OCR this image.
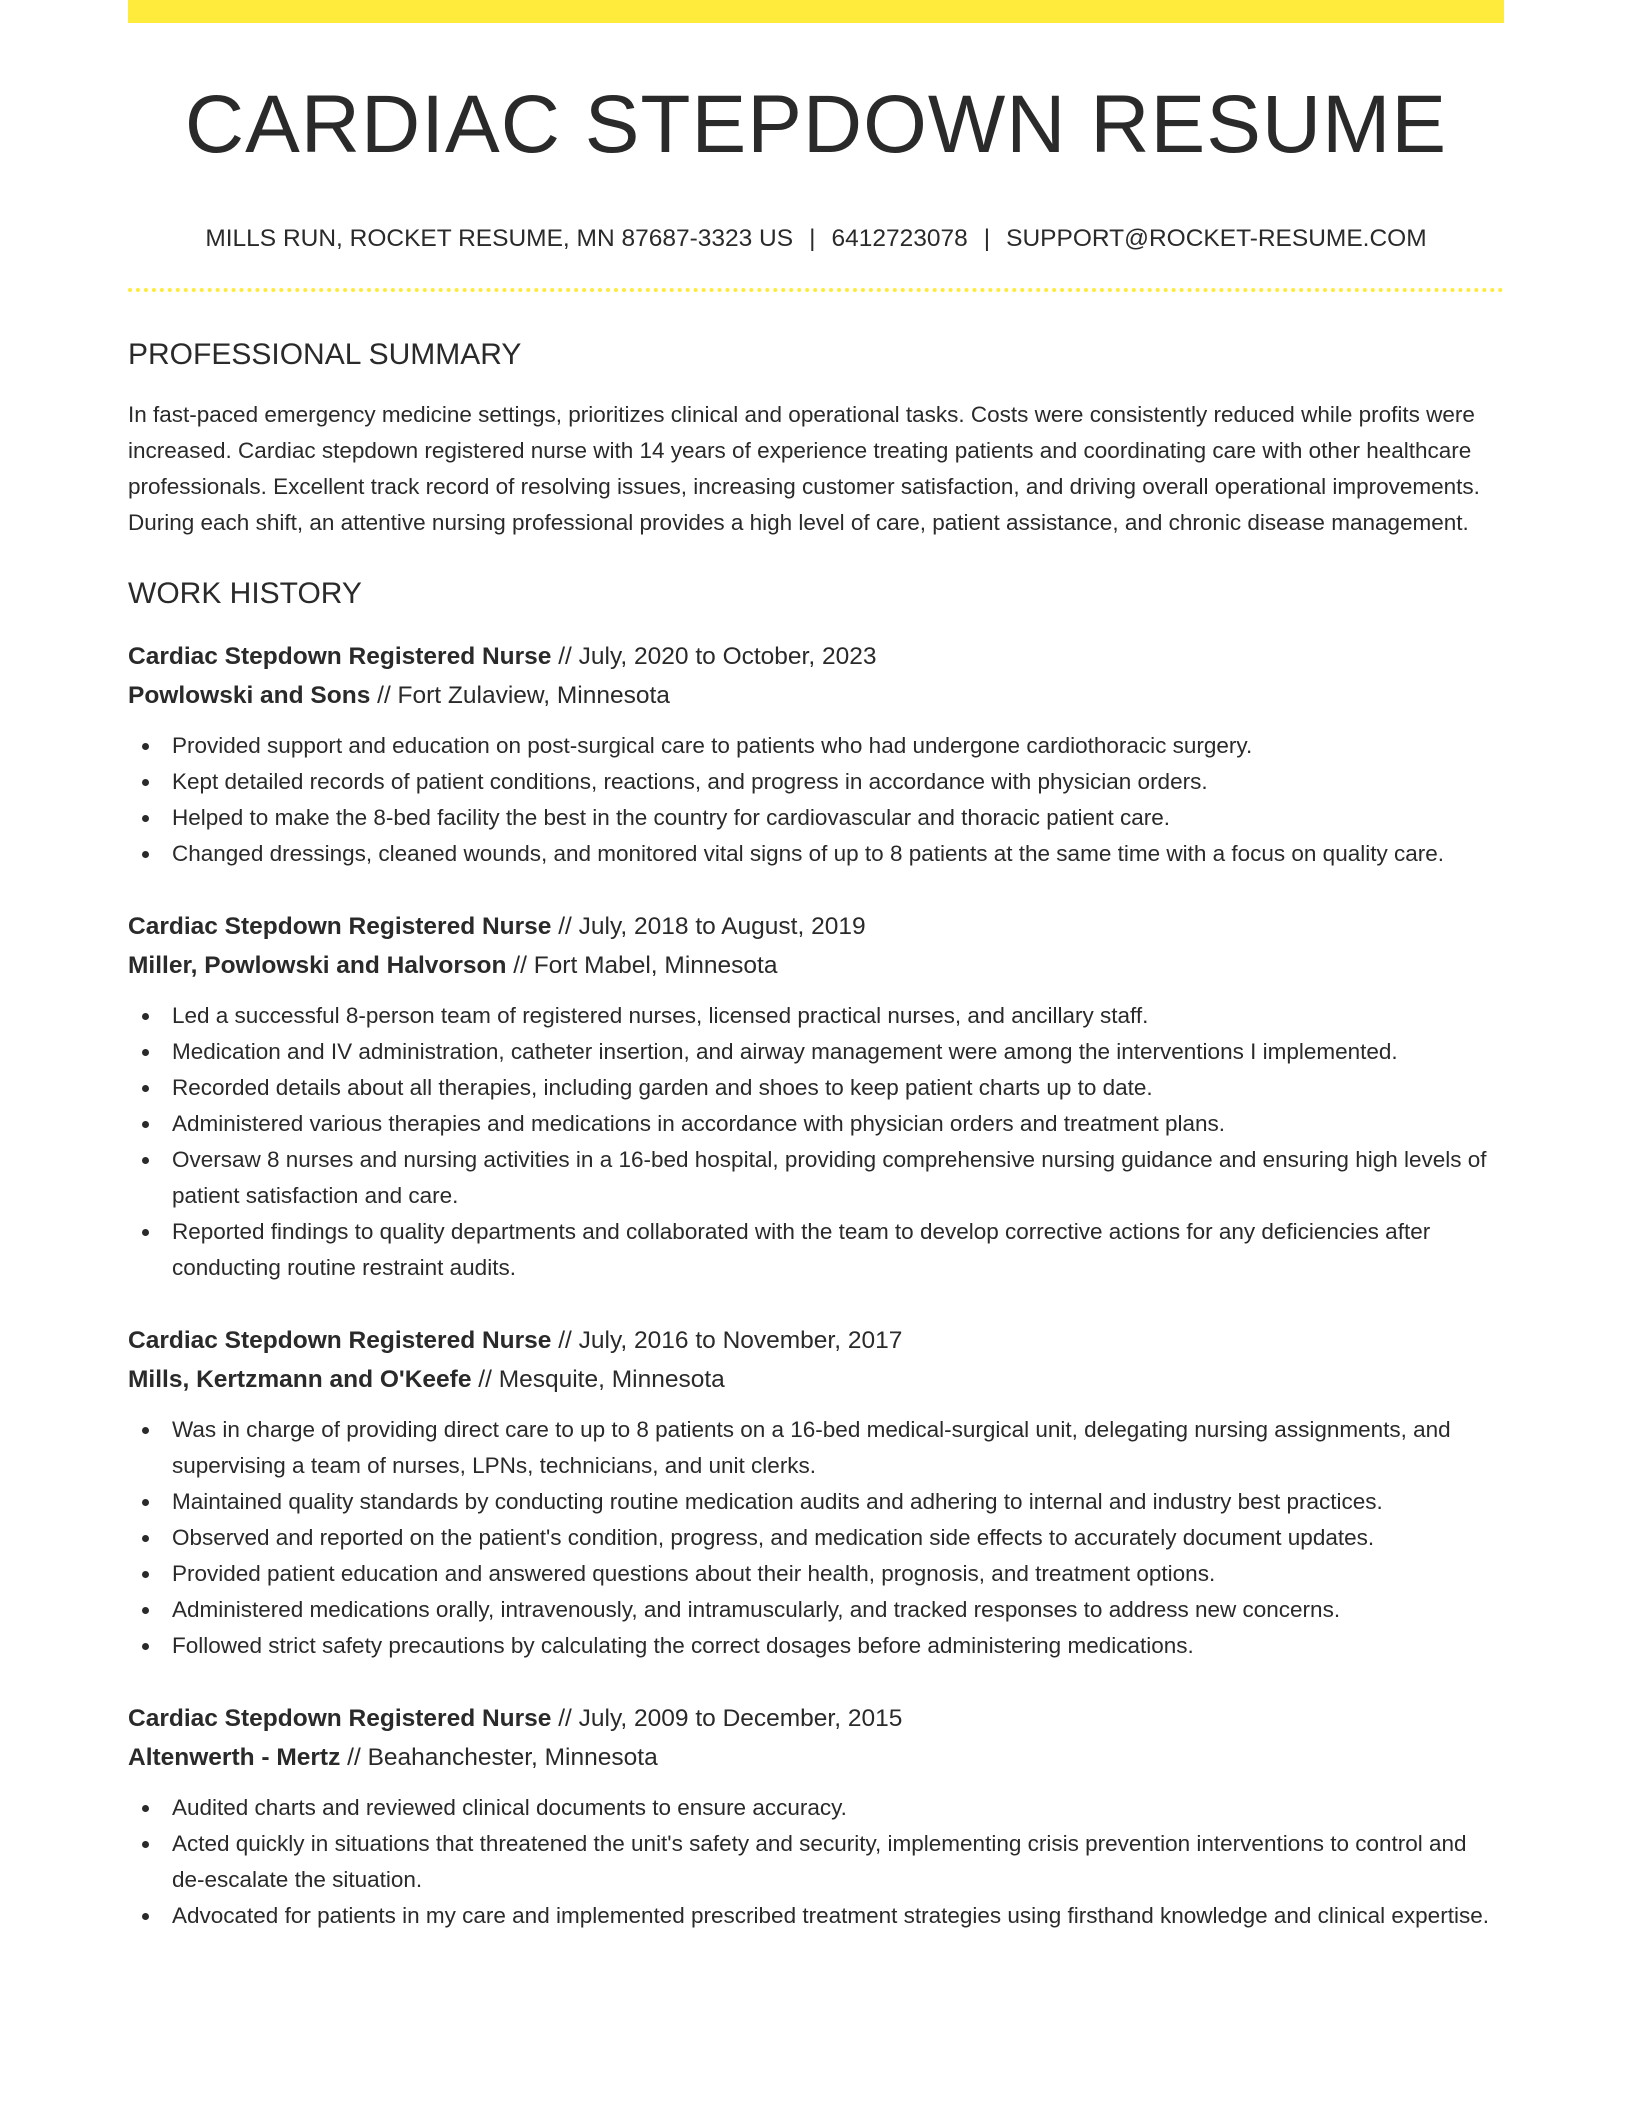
CARDIAC STEPDOWN RESUME
MILLS RUN, ROCKET RESUME, MN 87687-3323 US | 6412723078 | SUPPORT@ROCKET-RESUME.COM
PROFESSIONAL SUMMARY
In fast-paced emergency medicine settings, prioritizes clinical and operational tasks. Costs were consistently reduced while profits were increased. Cardiac stepdown registered nurse with 14 years of experience treating patients and coordinating care with other healthcare professionals. Excellent track record of resolving issues, increasing customer satisfaction, and driving overall operational improvements. During each shift, an attentive nursing professional provides a high level of care, patient assistance, and chronic disease management.
WORK HISTORY
Cardiac Stepdown Registered Nurse // July, 2020 to October, 2023
Powlowski and Sons // Fort Zulaview, Minnesota
Provided support and education on post-surgical care to patients who had undergone cardiothoracic surgery.
Kept detailed records of patient conditions, reactions, and progress in accordance with physician orders.
Helped to make the 8-bed facility the best in the country for cardiovascular and thoracic patient care.
Changed dressings, cleaned wounds, and monitored vital signs of up to 8 patients at the same time with a focus on quality care.
Cardiac Stepdown Registered Nurse // July, 2018 to August, 2019
Miller, Powlowski and Halvorson // Fort Mabel, Minnesota
Led a successful 8-person team of registered nurses, licensed practical nurses, and ancillary staff.
Medication and IV administration, catheter insertion, and airway management were among the interventions I implemented.
Recorded details about all therapies, including garden and shoes to keep patient charts up to date.
Administered various therapies and medications in accordance with physician orders and treatment plans.
Oversaw 8 nurses and nursing activities in a 16-bed hospital, providing comprehensive nursing guidance and ensuring high levels of patient satisfaction and care.
Reported findings to quality departments and collaborated with the team to develop corrective actions for any deficiencies after conducting routine restraint audits.
Cardiac Stepdown Registered Nurse // July, 2016 to November, 2017
Mills, Kertzmann and O'Keefe // Mesquite, Minnesota
Was in charge of providing direct care to up to 8 patients on a 16-bed medical-surgical unit, delegating nursing assignments, and supervising a team of nurses, LPNs, technicians, and unit clerks.
Maintained quality standards by conducting routine medication audits and adhering to internal and industry best practices.
Observed and reported on the patient's condition, progress, and medication side effects to accurately document updates.
Provided patient education and answered questions about their health, prognosis, and treatment options.
Administered medications orally, intravenously, and intramuscularly, and tracked responses to address new concerns.
Followed strict safety precautions by calculating the correct dosages before administering medications.
Cardiac Stepdown Registered Nurse // July, 2009 to December, 2015
Altenwerth - Mertz // Beahanchester, Minnesota
Audited charts and reviewed clinical documents to ensure accuracy.
Acted quickly in situations that threatened the unit's safety and security, implementing crisis prevention interventions to control and de-escalate the situation.
Advocated for patients in my care and implemented prescribed treatment strategies using firsthand knowledge and clinical expertise.
